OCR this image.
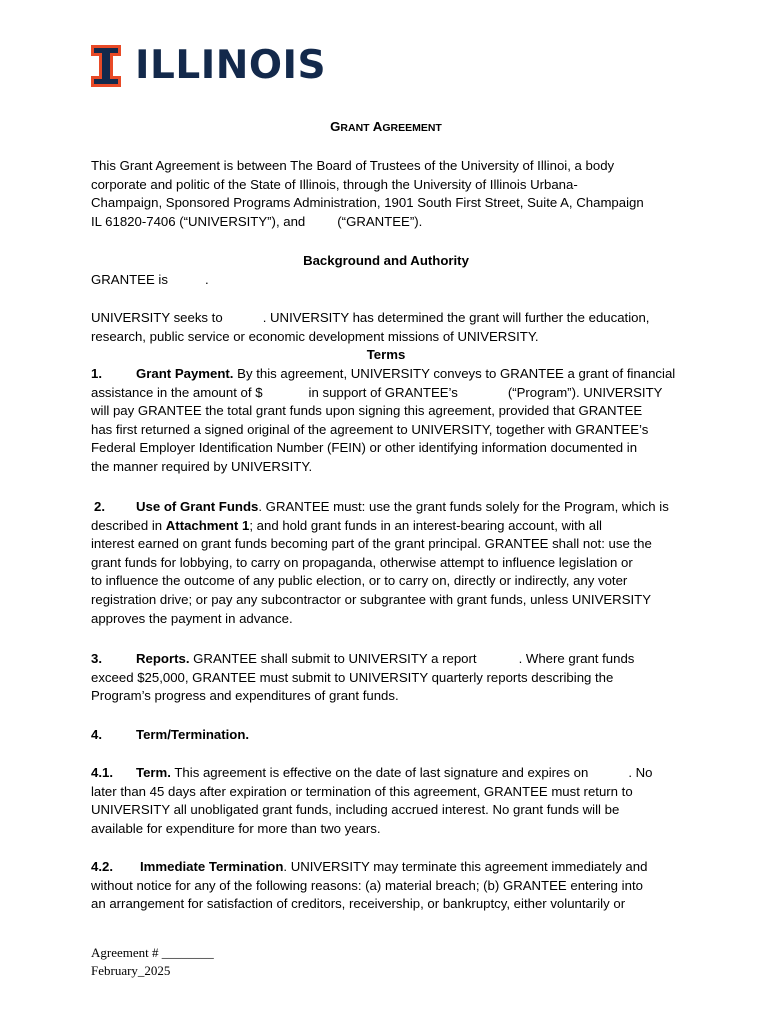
ILLINOIS

GRANT AGREEMENT

This Grant Agreement is between The Board of Trustees of the University of Illinoi, a body

corporate and politic of the State of Illinois, through the University of Illinois Urbana-

Champaign, Sponsored Programs Administration, 1901 South First Street, Suite A, Champaign

IL 61820-7406 (“UNIVERSITY”), and (“GRANTEE”).

Background and Authority

GRANTEE is	.

UNIVERSITY seeks to	. UNIVERSITY has determined the grant will further the education,

research, public service or economic development missions of UNIVERSITY.

Terms

1.	Grant Payment. By this agreement, UNIVERSITY conveys to GRANTEE a grant of financial

assistance in the amount of $	in support of GRANTEE’s	(“Program”). UNIVERSITY

will pay GRANTEE the total grant funds upon signing this agreement, provided that GRANTEE

has first returned a signed original of the agreement to UNIVERSITY, together with GRANTEE’s

Federal Employer Identification Number (FEIN) or other identifying information documented in

the manner required by UNIVERSITY.

2. Use of Grant Funds. GRANTEE must: use the grant funds solely for the Program, which is

described in Attachment 1; and hold grant funds in an interest-bearing account, with all

interest earned on grant funds becoming part of the grant principal. GRANTEE shall not: use the

grant funds for lobbying, to carry on propaganda, otherwise attempt to influence legislation or

to influence the outcome of any public election, or to carry on, directly or indirectly, any voter

registration drive; or pay any subcontractor or subgrantee with grant funds, unless UNIVERSITY

approves the payment in advance.

3.	Reports. GRANTEE shall submit to UNIVERSITY a report	. Where grant funds

exceed $25,000, GRANTEE must submit to UNIVERSITY quarterly reports describing the

Program’s progress and expenditures of grant funds.

4.	Term/Termination.

4.1. Term. This agreement is effective on the date of last signature and expires on	. No

later than 45 days after expiration or termination of this agreement, GRANTEE must return to

UNIVERSITY all unobligated grant funds, including accrued interest. No grant funds will be

available for expenditure for more than two years.

4.2. Immediate Termination. UNIVERSITY may terminate this agreement immediately and

without notice for any of the following reasons: (a) material breach; (b) GRANTEE entering into

an arrangement for satisfaction of creditors, receivership, or bankruptcy, either voluntarily or

Agreement # ________
February_2025
